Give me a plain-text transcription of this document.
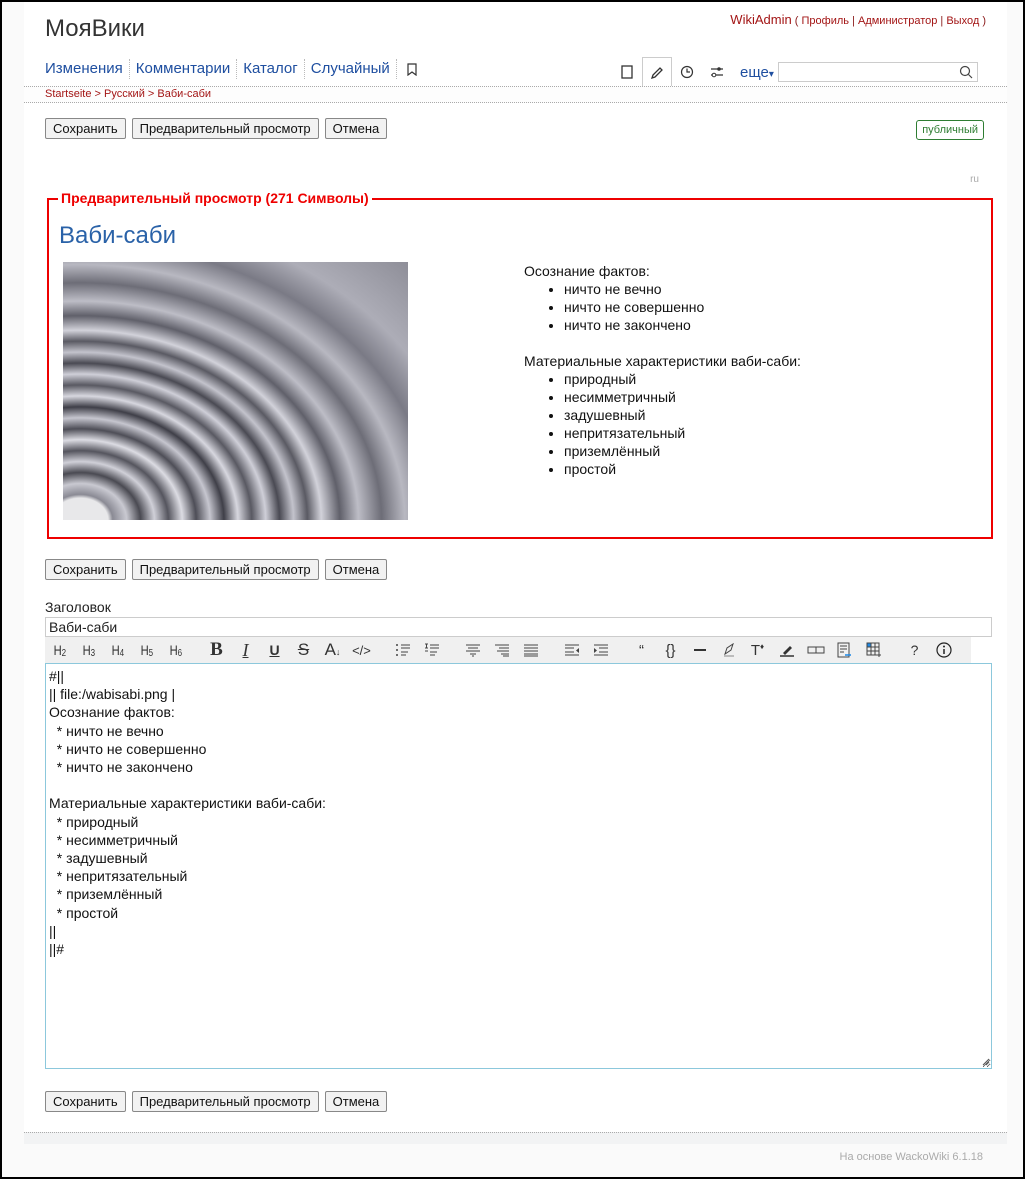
МояВики	WikiAdmin ( Профиль | Администратор | Выход )
Изменения Комментарии Каталог Случайный	еще▾
Startseite > Русский > Ваби-саби
Сохранить	Предварительный просмотр	Отмена	публичный
ru
Предварительный просмотр (271 Символы)
Ваби-саби
Осознание фактов:
• ничто не вечно
• ничто не совершенно
• ничто не закончено
Материальные характеристики ваби-саби:
• природный
• несимметричный
• задушевный
• непритязательный
• приземлённый
• простой
Сохранить	Предварительный просмотр	Отмена
Заголовок
Ваби-саби
$H_2$ $H_3$ $H_4$ $H_5$ $H_6$ B I U S A↓ </>	“ {}	T♦	?
#||
|| file:/wabisabi.png |
Осознание фактов:
* ничто не вечно
* ничто не совершенно
* ничто не закончено

Материальные характеристики ваби-саби:
* природный
* несимметричный
* задушевный
* непритязательный
* приземлённый
* простой
||
||#
Сохранить	Предварительный просмотр	Отмена
На основе WackoWiki 6.1.18
